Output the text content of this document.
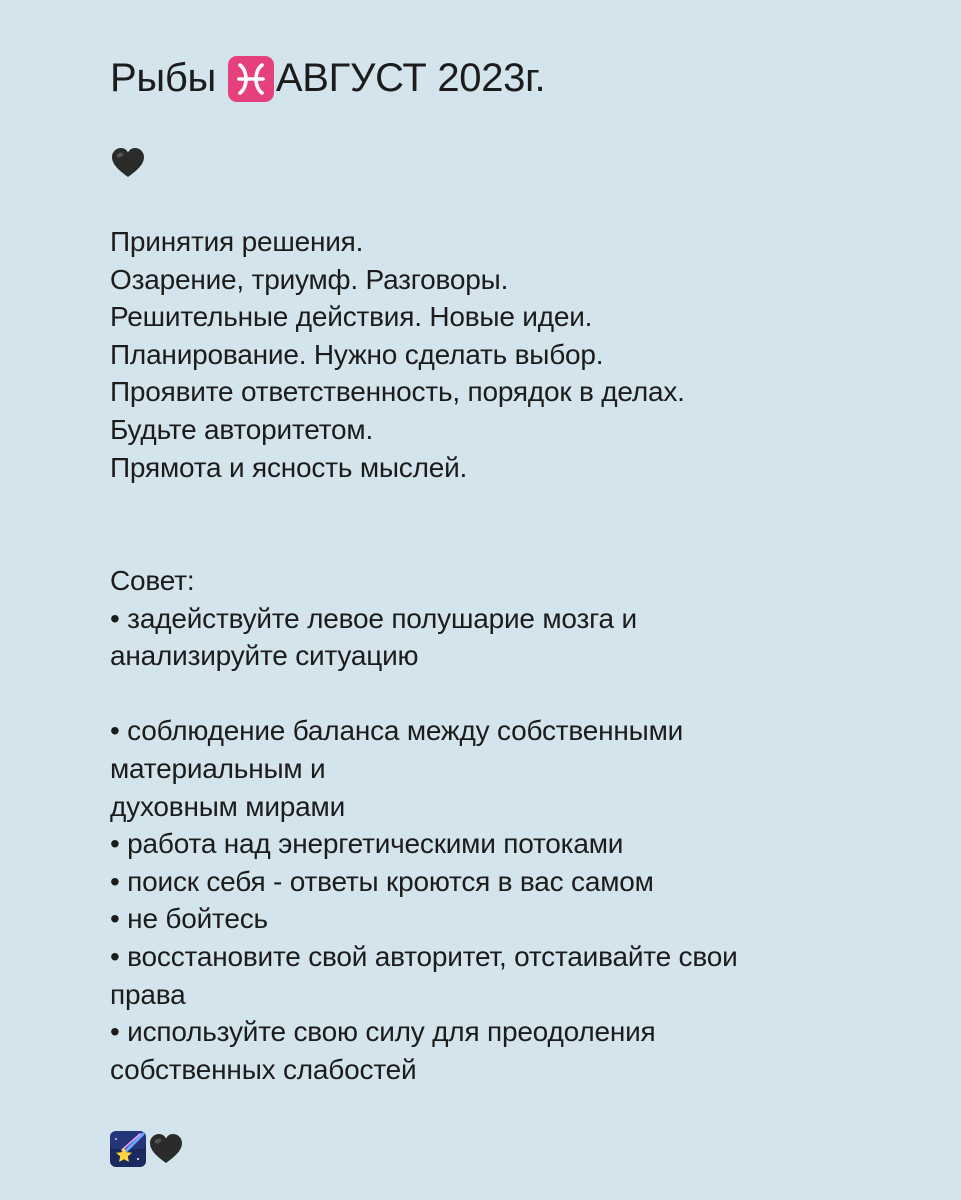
Рыбы АВГУСТ 2023г.
Принятия решения.
Озарение, триумф. Разговоры.
Решительные действия. Новые идеи.
Планирование. Нужно сделать выбор.
Проявите ответственность, порядок в делах.
Будьте авторитетом.
Прямота и ясность мыслей.
Совет:
• задействуйте левое полушарие мозга и
анализируйте ситуацию
• соблюдение баланса между собственными
материальным и
духовным мирами
• работа над энергетическими потоками
• поиск себя - ответы кроются в вас самом
• не бойтесь
• восстановите свой авторитет, отстаивайте свои
права
• используйте свою силу для преодоления
собственных слабостей
